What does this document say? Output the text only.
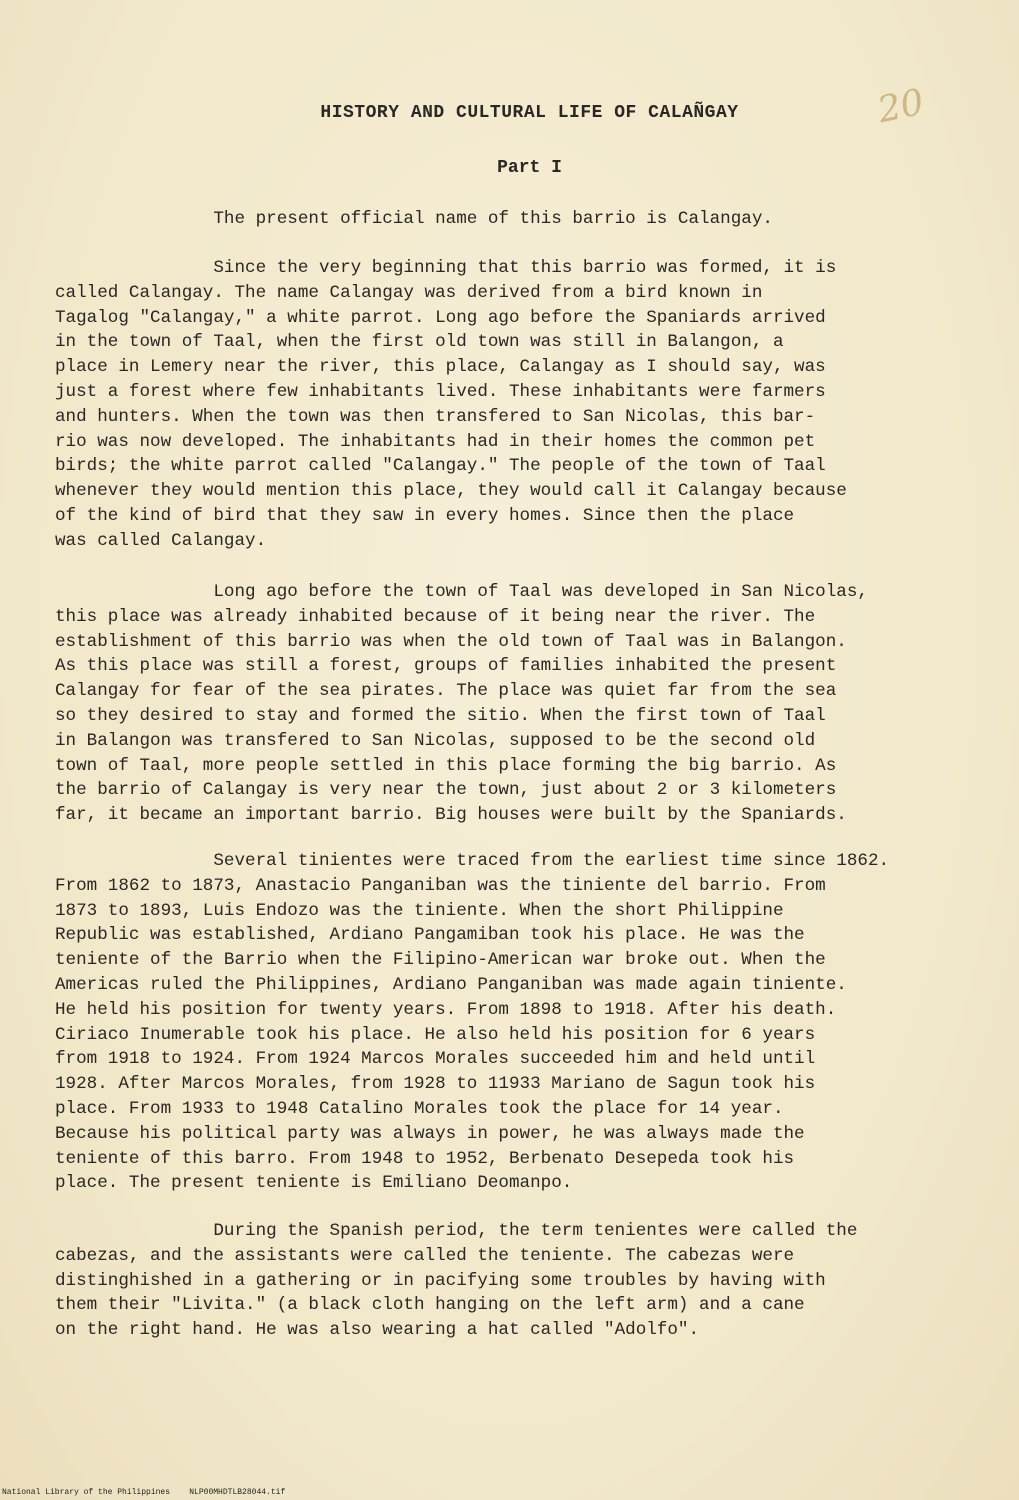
HISTORY AND CULTURAL LIFE OF CALAÑGAY	20
Part I

The present official name of this barrio is Calangay.

Since the very beginning that this barrio was formed, it is
called Calangay. The name Calangay was derived from a bird known in
Tagalog "Calangay," a white parrot. Long ago before the Spaniards arrived
in the town of Taal, when the first old town was still in Balangon, a
place in Lemery near the river, this place, Calangay as I should say, was
just a forest where few inhabitants lived. These inhabitants were farmers
and hunters. When the town was then transfered to San Nicolas, this bar-
rio was now developed. The inhabitants had in their homes the common pet
birds; the white parrot called "Calangay." The people of the town of Taal
whenever they would mention this place, they would call it Calangay because
of the kind of bird that they saw in every homes. Since then the place
was called Calangay.

Long ago before the town of Taal was developed in San Nicolas,
this place was already inhabited because of it being near the river. The
establishment of this barrio was when the old town of Taal was in Balangon.
As this place was still a forest, groups of families inhabited the present
Calangay for fear of the sea pirates. The place was quiet far from the sea
so they desired to stay and formed the sitio. When the first town of Taal
in Balangon was transfered to San Nicolas, supposed to be the second old
town of Taal, more people settled in this place forming the big barrio. As
the barrio of Calangay is very near the town, just about 2 or 3 kilometers
far, it became an important barrio. Big houses were built by the Spaniards.

Several tinientes were traced from the earliest time since 1862.
From 1862 to 1873, Anastacio Panganiban was the tiniente del barrio. From
1873 to 1893, Luis Endozo was the tiniente. When the short Philippine
Republic was established, Ardiano Pangamiban took his place. He was the
teniente of the Barrio when the Filipino-American war broke out. When the
Americas ruled the Philippines, Ardiano Panganiban was made again tiniente.
He held his position for twenty years. From 1898 to 1918. After his death.
Ciriaco Inumerable took his place. He also held his position for 6 years
from 1918 to 1924. From 1924 Marcos Morales succeeded him and held until
1928. After Marcos Morales, from 1928 to 11933 Mariano de Sagun took his
place. From 1933 to 1948 Catalino Morales took the place for 14 year.
Because his political party was always in power, he was always made the
teniente of this barro. From 1948 to 1952, Berbenato Desepeda took his
place. The present teniente is Emiliano Deomanpo.

During the Spanish period, the term tenientes were called the
cabezas, and the assistants were called the teniente. The cabezas were
distinghished in a gathering or in pacifying some troubles by having with
them their "Livita." (a black cloth hanging on the left arm) and a cane
on the right hand. He was also wearing a hat called "Adolfo".

National Library of the Philippines NLP00MHDTLB28044.tif
